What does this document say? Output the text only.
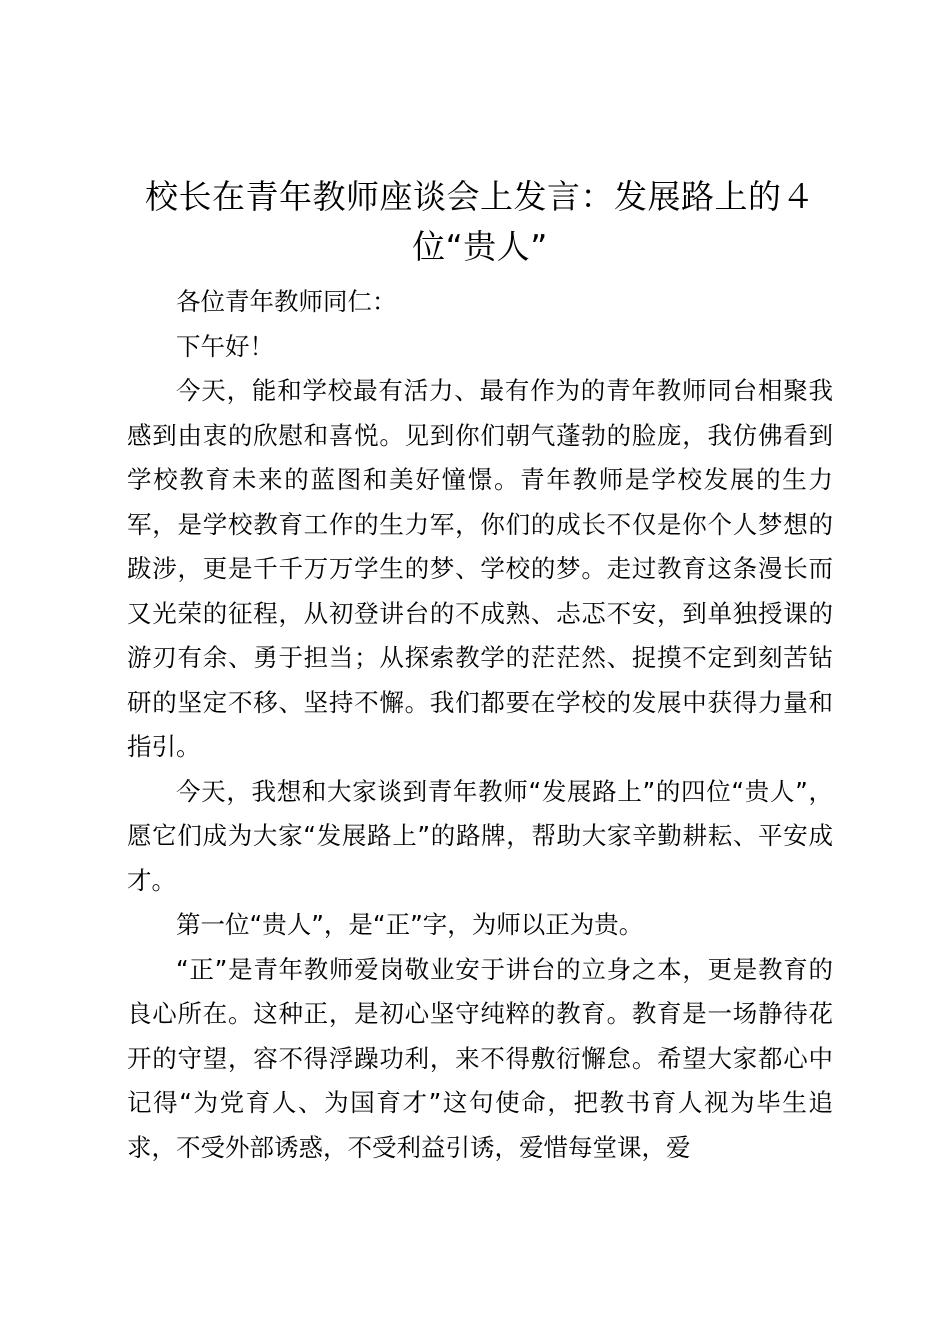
校长在青年教师座谈会上发言：发展路上的４位“贵人”

各位青年教师同仁：

下午好！

今天，能和学校最有活力、最有作为的青年教师同台相聚我感到由衷的欣慰和喜悦。见到你们朝气蓬勃的脸庞，我仿佛看到学校教育未来的蓝图和美好憧憬。青年教师是学校发展的生力军，是学校教育工作的生力军，你们的成长不仅是你个人梦想的跋涉，更是千千万万学生的梦、学校的梦。走过教育这条漫长而又光荣的征程，从初登讲台的不成熟、忐忑不安，到单独授课的游刃有余、勇于担当；从探索教学的茫茫然、捉摸不定到刻苦钻研的坚定不移、坚持不懈。我们都要在学校的发展中获得力量和指引。

今天，我想和大家谈到青年教师“发展路上”的四位“贵人”，愿它们成为大家“发展路上”的路牌，帮助大家辛勤耕耘、平安成才。

第一位“贵人”，是“正”字，为师以正为贵。

“正”是青年教师爱岗敬业安于讲台的立身之本，更是教育的良心所在。这种正，是初心坚守纯粹的教育。教育是一场静待花开的守望，容不得浮躁功利，来不得敷衍懈怠。希望大家都心中记得“为党育人、为国育才”这句使命，把教书育人视为毕生追求，不受外部诱惑，不受利益引诱，爱惜每堂课，爱
